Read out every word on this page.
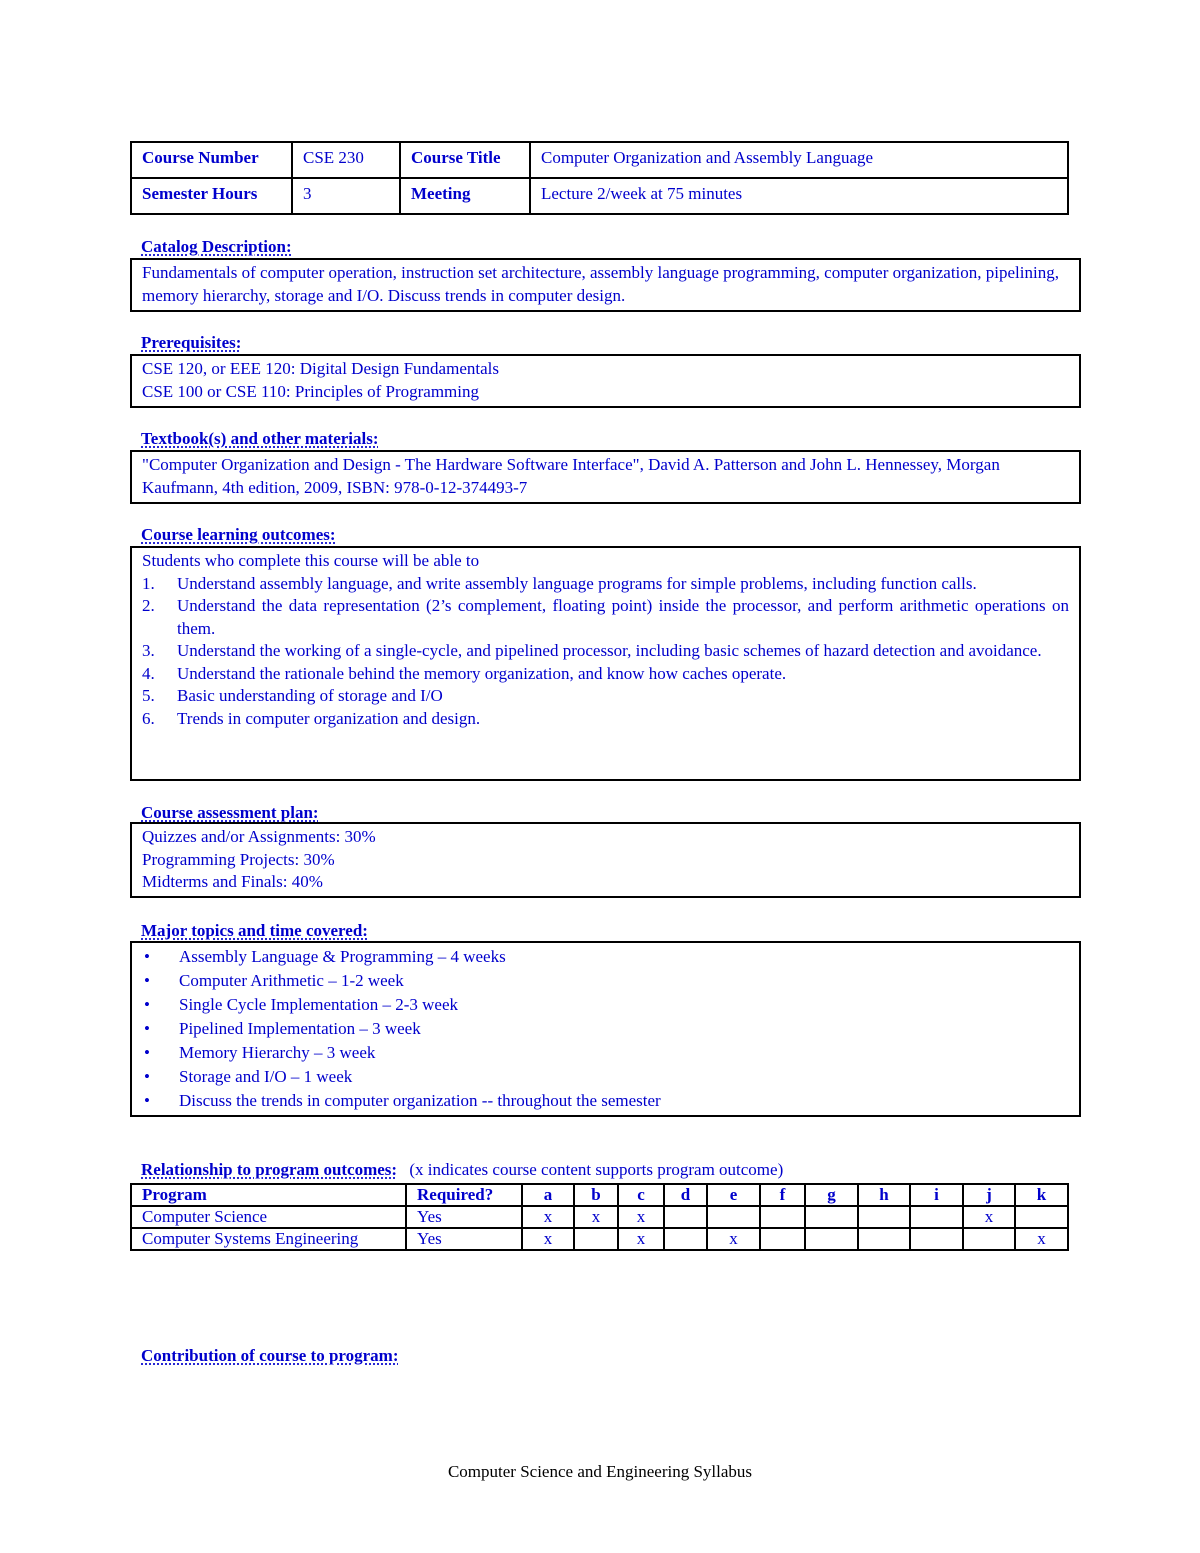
Course Number	CSE 230	Course Title	Computer Organization and Assembly Language
Semester Hours	3	Meeting	Lecture 2/week at 75 minutes
Catalog Description:
Fundamentals of computer operation, instruction set architecture, assembly language programming, computer organization, pipelining, memory hierarchy, storage and I/O. Discuss trends in computer design.
Prerequisites:
CSE 120, or EEE 120: Digital Design Fundamentals
CSE 100 or CSE 110: Principles of Programming
Textbook(s) and other materials:
"Computer Organization and Design - The Hardware Software Interface", David A. Patterson and John L. Hennessey, Morgan Kaufmann, 4th edition, 2009, ISBN: 978-0-12-374493-7
Course learning outcomes:
Students who complete this course will be able to
1.	Understand assembly language, and write assembly language programs for simple problems, including function calls.
2.	Understand the data representation (2’s complement, floating point) inside the processor, and perform arithmetic operations on them.
3.	Understand the working of a single-cycle, and pipelined processor, including basic schemes of hazard detection and avoidance.
4.	Understand the rationale behind the memory organization, and know how caches operate.
5.	Basic understanding of storage and I/O
6.	Trends in computer organization and design.
Course assessment plan:
Quizzes and/or Assignments: 30%
Programming Projects: 30%
Midterms and Finals: 40%
Major topics and time covered:
•	Assembly Language & Programming – 4 weeks
•	Computer Arithmetic – 1-2 week
•	Single Cycle Implementation – 2-3 week
•	Pipelined Implementation – 3 week
•	Memory Hierarchy – 3 week
•	Storage and I/O – 1 week
•	Discuss the trends in computer organization -- throughout the semester
Relationship to program outcomes: (x indicates course content supports program outcome)
Program	Required?	a	b	c	d	e	f	g	h	i	j	k
Computer Science	Yes	x	x	x							x	
Computer Systems Engineering	Yes	x		x		x						x
Contribution of course to program:
Computer Science and Engineering Syllabus
